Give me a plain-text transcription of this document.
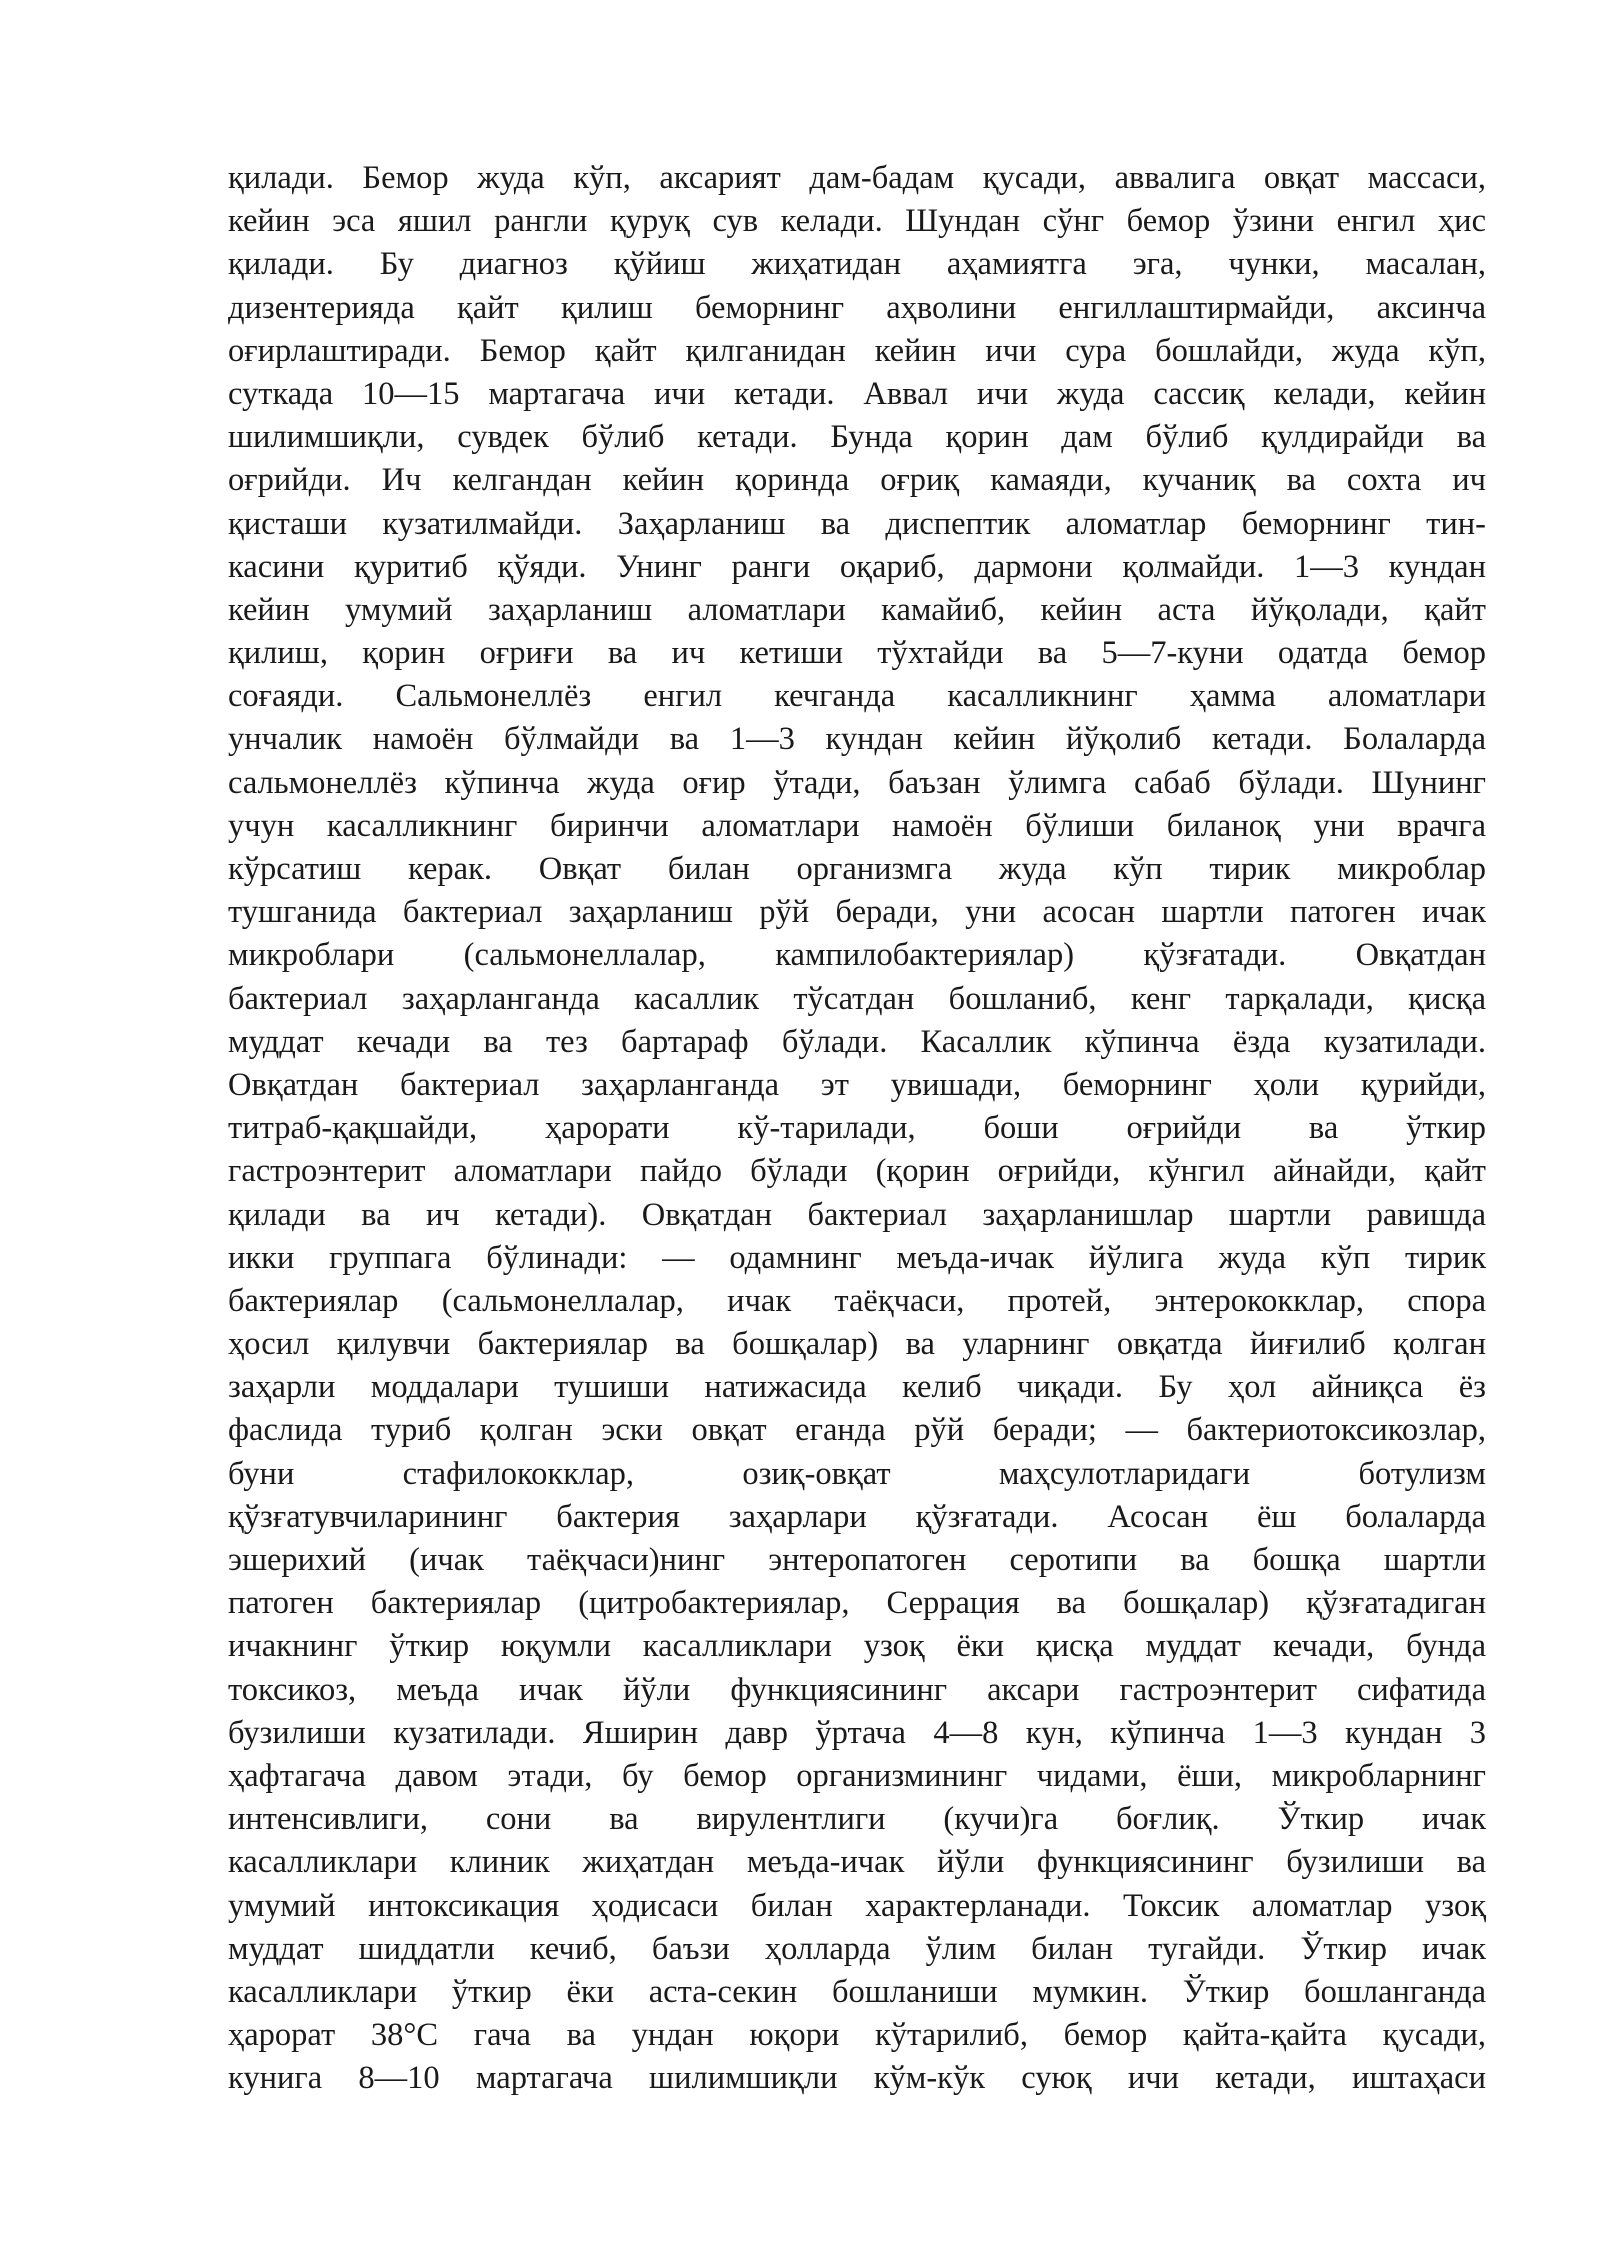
қилади. Бемор жуда кўп, аксарият дам-бадам қусади, аввалига овқат массаси,
кейин эса яшил рангли қуруқ сув келади. Шундан сўнг бемор ўзини енгил ҳис
қилади. Бу диагноз қўйиш жиҳатидан аҳамиятга эга, чунки, масалан,
дизентерияда қайт қилиш беморнинг аҳволини енгиллаштирмайди, аксинча
оғирлаштиради. Бемор қайт қилганидан кейин ичи сура бошлайди, жуда кўп,
суткада 10—15 мартагача ичи кетади. Аввал ичи жуда сассиқ келади, кейин
шилимшиқли, сувдек бўлиб кетади. Бунда қорин дам бўлиб қулдирайди ва
оғрийди. Ич келгандан кейин қоринда оғриқ камаяди, кучаниқ ва сохта ич
қисташи кузатилмайди. Заҳарланиш ва диспептик аломатлар беморнинг тин-
касини қуритиб қўяди. Унинг ранги оқариб, дармони қолмайди. 1—3 кундан
кейин умумий заҳарланиш аломатлари камайиб, кейин аста йўқолади, қайт
қилиш, қорин оғриғи ва ич кетиши тўхтайди ва 5—7-куни одатда бемор
соғаяди. Сальмонеллёз енгил кечганда касалликнинг ҳамма аломатлари
унчалик намоён бўлмайди ва 1—3 кундан кейин йўқолиб кетади. Болаларда
сальмонеллёз кўпинча жуда оғир ўтади, баъзан ўлимга сабаб бўлади. Шунинг
учун касалликнинг биринчи аломатлари намоён бўлиши биланоқ уни врачга
кўрсатиш керак. Овқат билан организмга жуда кўп тирик микроблар
тушганида бактериал заҳарланиш рўй беради, уни асосан шартли патоген ичак
микроблари (сальмонеллалар, кампилобактериялар) қўзғатади. Овқатдан
бактериал заҳарланганда касаллик тўсатдан бошланиб, кенг тарқалади, қисқа
муддат кечади ва тез бартараф бўлади. Касаллик кўпинча ёзда кузатилади.
Овқатдан бактериал заҳарланганда эт увишади, беморнинг ҳоли қурийди,
титраб-қақшайди, ҳарорати кў-тарилади, боши оғрийди ва ўткир
гастроэнтерит аломатлари пайдо бўлади (қорин оғрийди, кўнгил айнайди, қайт
қилади ва ич кетади). Овқатдан бактериал заҳарланишлар шартли равишда
икки группага бўлинади: — одамнинг меъда-ичак йўлига жуда кўп тирик
бактериялар (сальмонеллалар, ичак таёқчаси, протей, энтерококклар, спора
ҳосил қилувчи бактериялар ва бошқалар) ва уларнинг овқатда йиғилиб қолган
заҳарли моддалари тушиши натижасида келиб чиқади. Бу ҳол айниқса ёз
фаслида туриб қолган эски овқат еганда рўй беради; — бактериотоксикозлар,
буни стафилококклар, озиқ-овқат маҳсулотларидаги ботулизм
қўзғатувчиларининг бактерия заҳарлари қўзғатади. Асосан ёш болаларда
эшерихий (ичак таёқчаси)нинг энтеропатоген серотипи ва бошқа шартли
патоген бактериялар (цитробактериялар, Серрация ва бошқалар) қўзғатадиган
ичакнинг ўткир юқумли касалликлари узоқ ёки қисқа муддат кечади, бунда
токсикоз, меъда ичак йўли функциясининг аксари гастроэнтерит сифатида
бузилиши кузатилади. Яширин давр ўртача 4—8 кун, кўпинча 1—3 кундан 3
ҳафтагача давом этади, бу бемор организмининг чидами, ёши, микробларнинг
интенсивлиги, сони ва вирулентлиги (кучи)га боғлиқ. Ўткир ичак
касалликлари клиник жиҳатдан меъда-ичак йўли функциясининг бузилиши ва
умумий интоксикация ҳодисаси билан характерланади. Токсик аломатлар узоқ
муддат шиддатли кечиб, баъзи ҳолларда ўлим билан тугайди. Ўткир ичак
касалликлари ўткир ёки аста-секин бошланиши мумкин. Ўткир бошланганда
ҳарорат 38°С гача ва ундан юқори кўтарилиб, бемор қайта-қайта қусади,
кунига 8—10 мартагача шилимшиқли кўм-кўк суюқ ичи кетади, иштаҳаси
